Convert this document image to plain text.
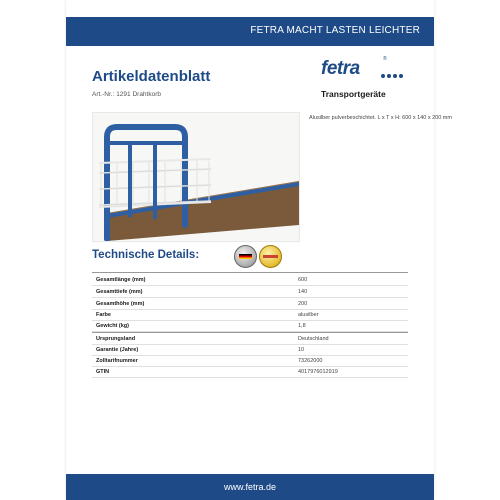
FETRA MACHT LASTEN LEICHTER
Artikeldatenblatt
Art.-Nr.: 1291 Drahtkorb
fetra	®
Transportgeräte
Alusilber pulverbeschichtet. L x T x H: 600 x 140 x 200 mm
Technische Details:
Gesamtlänge (mm)	600
Gesamttiefe (mm)	140
Gesamthöhe (mm)	200
Farbe	alusilber
Gewicht (kg)	1,8
Ursprungsland	Deutschland
Garantie (Jahre)	10
Zolltarifnummer	73262000
GTIN	4017976012919
www.fetra.de
